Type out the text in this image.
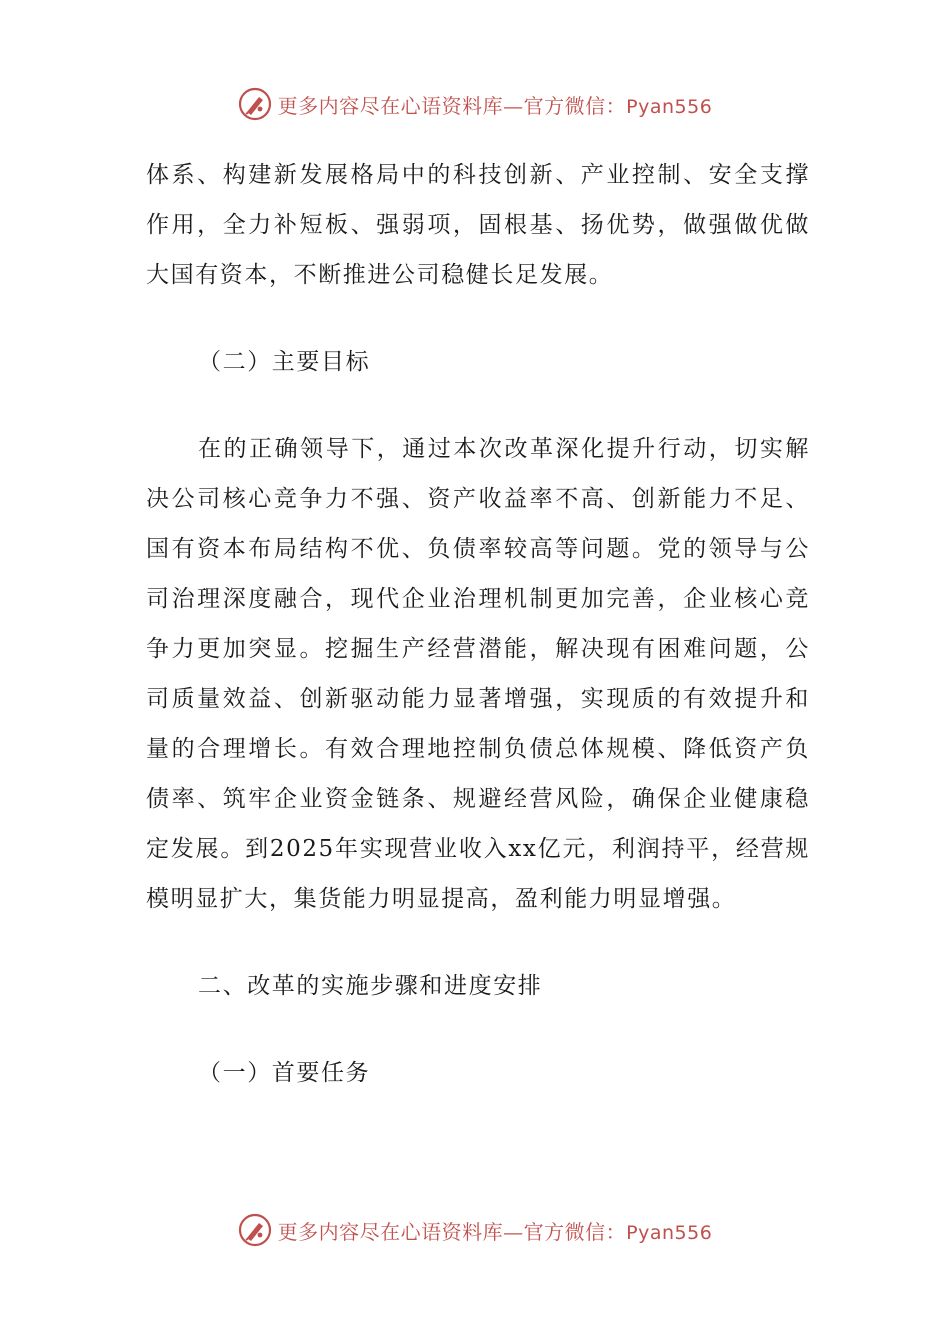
更多内容尽在心语资料库—官方微信：Pyan556

体系、构建新发展格局中的科技创新、产业控制、安全支撑作用，全力补短板、强弱项，固根基、扬优势，做强做优做大国有资本，不断推进公司稳健长足发展。

（二）主要目标

在的正确领导下，通过本次改革深化提升行动，切实解决公司核心竞争力不强、资产收益率不高、创新能力不足、国有资本布局结构不优、负债率较高等问题。党的领导与公司治理深度融合，现代企业治理机制更加完善，企业核心竞争力更加突显。挖掘生产经营潜能，解决现有困难问题，公司质量效益、创新驱动能力显著增强，实现质的有效提升和量的合理增长。有效合理地控制负债总体规模、降低资产负债率、筑牢企业资金链条、规避经营风险，确保企业健康稳定发展。到2025年实现营业收入xx亿元，利润持平，经营规模明显扩大，集货能力明显提高，盈利能力明显增强。

二、改革的实施步骤和进度安排

（一）首要任务

更多内容尽在心语资料库—官方微信：Pyan556
